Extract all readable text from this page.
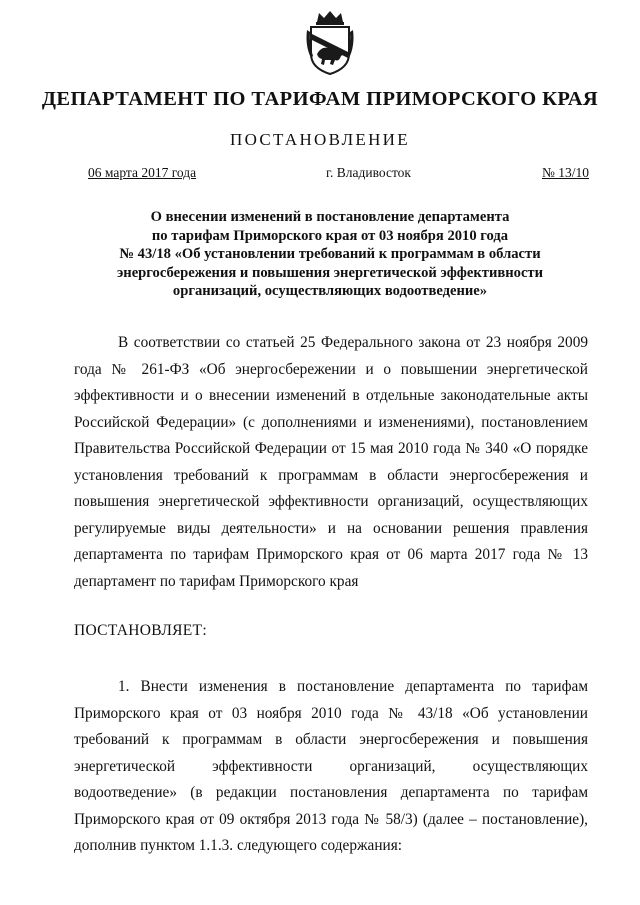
ДЕПАРТАМЕНТ ПО ТАРИФАМ ПРИМОРСКОГО КРАЯ
ПОСТАНОВЛЕНИЕ
06 марта 2017 года	г. Владивосток	№ 13/10
О внесении изменений в постановление департамента
по тарифам Приморского края от 03 ноября 2010 года
№ 43/18 «Об установлении требований к программам в области
энергосбережения и повышения энергетической эффективности
организаций, осуществляющих водоотведение»
В соответствии со статьей 25 Федерального закона от 23 ноября 2009
года № 261-ФЗ «Об энергосбережении и о повышении энергетической
эффективности и о внесении изменений в отдельные законодательные акты
Российской Федерации» (с дополнениями и изменениями), постановлением
Правительства Российской Федерации от 15 мая 2010 года № 340 «О порядке
установления требований к программам в области энергосбережения и
повышения энергетической эффективности организаций, осуществляющих
регулируемые виды деятельности» и на основании решения правления
департамента по тарифам Приморского края от 06 марта 2017 года № 13
департамент по тарифам Приморского края
ПОСТАНОВЛЯЕТ:
1. Внести изменения в постановление департамента по тарифам
Приморского края от 03 ноября 2010 года № 43/18 «Об установлении
требований к программам в области энергосбережения и повышения
энергетической эффективности организаций, осуществляющих
водоотведение» (в редакции постановления департамента по тарифам
Приморского края от 09 октября 2013 года № 58/3) (далее – постановление),
дополнив пунктом 1.1.3. следующего содержания:
